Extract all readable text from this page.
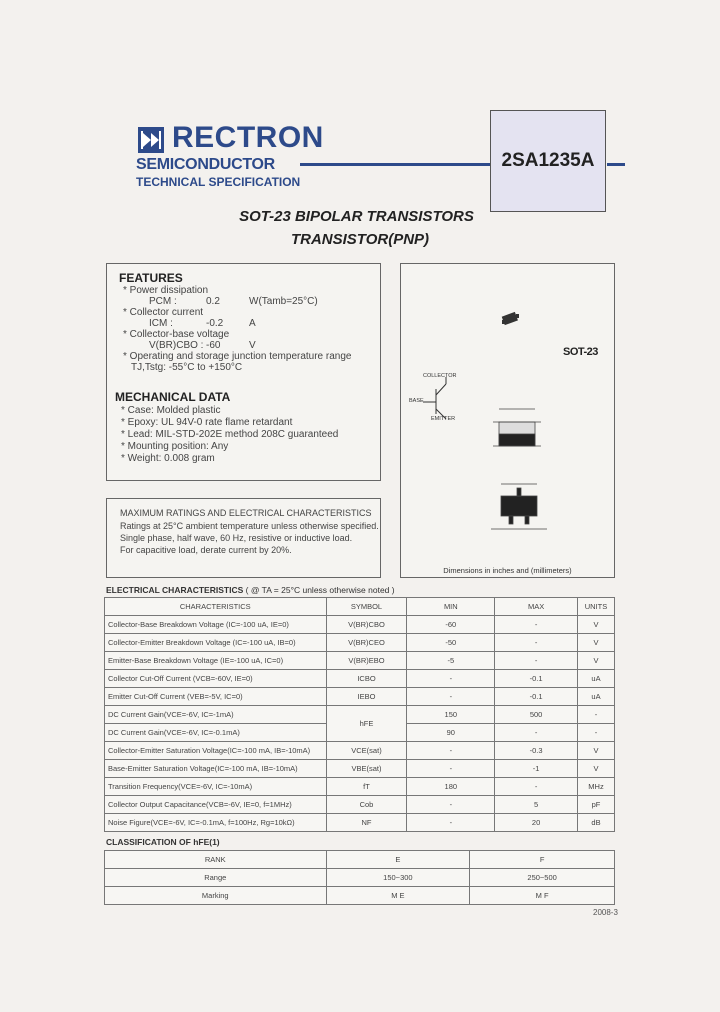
RECTRON
SEMICONDUCTOR
TECHNICAL SPECIFICATION
2SA1235A
SOT-23 BIPOLAR TRANSISTORS
TRANSISTOR(PNP)
FEATURES
* Power dissipation
PCM :	0.2	W(Tamb=25°C)
* Collector current
ICM :	-0.2	A
* Collector-base voltage
V(BR)CBO : -60	V
* Operating and storage junction temperature range
TJ,Tstg: -55°C to +150°C
MECHANICAL DATA
* Case: Molded plastic
* Epoxy: UL 94V-0 rate flame retardant
* Lead: MIL-STD-202E method 208C guaranteed
* Mounting position: Any
* Weight: 0.008 gram
SOT-23
COLLECTOR
BASE
EMITTER
Dimensions in inches and (millimeters)
MAXIMUM RATINGS AND ELECTRICAL CHARACTERISTICS
Ratings at 25°C ambient temperature unless otherwise specified.
Single phase, half wave, 60 Hz, resistive or inductive load.
For capacitive load, derate current by 20%.
ELECTRICAL CHARACTERISTICS ( @ TA = 25°C unless otherwise noted )
CHARACTERISTICS	SYMBOL	MIN	MAX	UNITS
Collector-Base Breakdown Voltage (IC=-100 uA, IE=0)	V(BR)CBO	-60	-	V
Collector-Emitter Breakdown Voltage (IC=-100 uA, IB=0)	V(BR)CEO	-50	-	V
Emitter-Base Breakdown Voltage (IE=-100 uA, IC=0)	V(BR)EBO	-5	-	V
Collector Cut-Off Current (VCB=-60V, IE=0)	ICBO	-	-0.1	uA
Emitter Cut-Off Current (VEB=-5V, IC=0)	IEBO	-	-0.1	uA
DC Current Gain(VCE=-6V, IC=-1mA)	hFE	150	500	-
DC Current Gain(VCE=-6V, IC=-0.1mA)		90	-	-
Collector-Emitter Saturation Voltage(IC=-100 mA, IB=-10mA)	VCE(sat)	-	-0.3	V
Base-Emitter Saturation Voltage(IC=-100 mA, IB=-10mA)	VBE(sat)	-	-1	V
Transition Frequency(VCE=-6V, IC=-10mA)	fT	180	-	MHz
Collector Output Capacitance(VCB=-6V, IE=0, f=1MHz)	Cob	-	5	pF
Noise Figure(VCE=-6V, IC=-0.1mA, f=100Hz, Rg=10kΩ)	NF	-	20	dB
CLASSIFICATION OF hFE(1)
RANK	E	F
Range	150~300	250~500
Marking	M E	M F
2008-3
